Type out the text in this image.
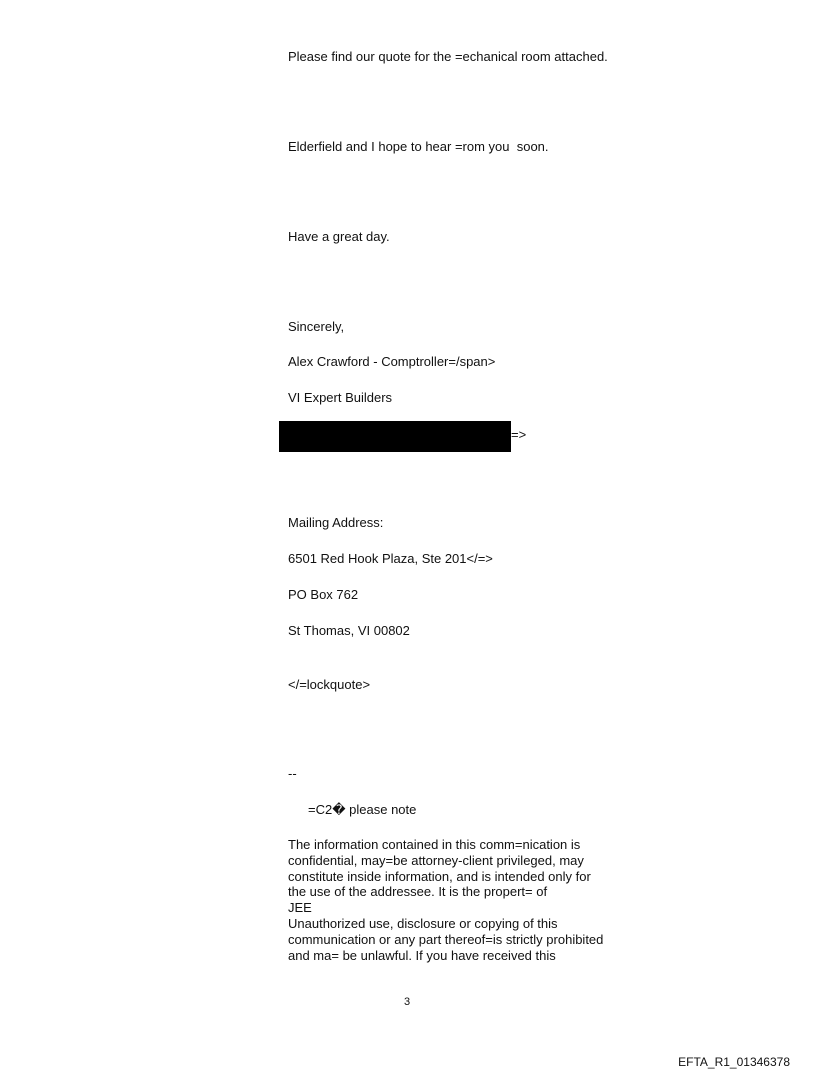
Please find our quote for the =echanical room attached.
Elderfield and I hope to hear =rom you  soon.
Have a great day.
Sincerely,
Alex Crawford - Comptroller=/span>
VI Expert Builders
=>
Mailing Address:
6501 Red Hook Plaza, Ste 201</=>
PO Box 762
St Thomas, VI 00802
</=lockquote>
--
=C2� please note
The information contained in this comm=nication is
confidential, may=be attorney-client privileged, may
constitute inside information, and is intended only for
the use of the addressee. It is the propert= of
JEE
Unauthorized use, disclosure or copying of this
communication or any part thereof=is strictly prohibited
and ma= be unlawful. If you have received this
3
EFTA_R1_01346378
